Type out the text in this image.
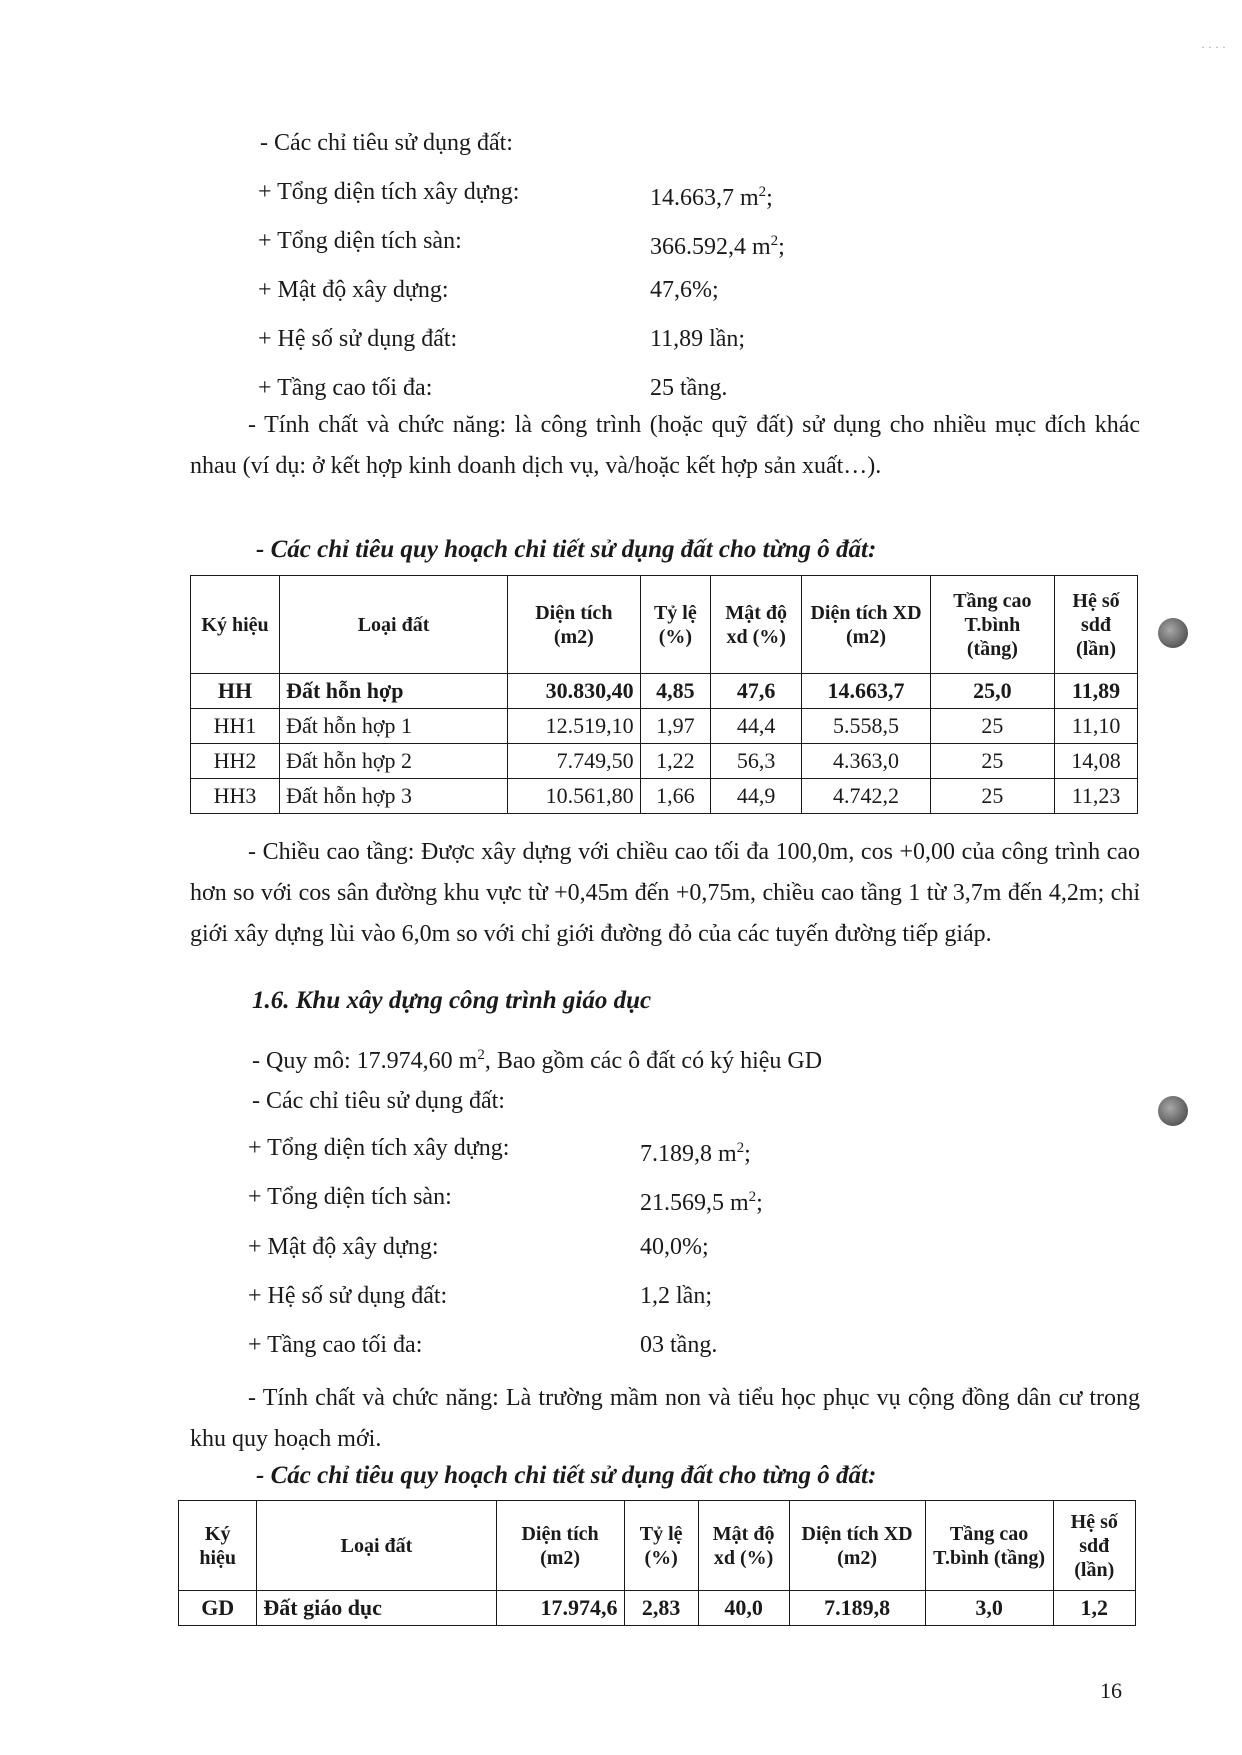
· · · ·
- Các chỉ tiêu sử dụng đất:
+ Tổng diện tích xây dựng:	14.663,7 $m^2$;
+ Tổng diện tích sàn:	366.592,4 $m^2$;
+ Mật độ xây dựng:	47,6%;
+ Hệ số sử dụng đất:	11,89 lần;
+ Tầng cao tối đa:	25 tầng.
- Tính chất và chức năng: là công trình (hoặc quỹ đất) sử dụng cho nhiều mục đích khác nhau (ví dụ: ở kết hợp kinh doanh dịch vụ, và/hoặc kết hợp sản xuất…).
- Các chỉ tiêu quy hoạch chi tiết sử dụng đất cho từng ô đất:
Ký hiệu	Loại đất	Diện tích (m2)	Tỷ lệ (%)	Mật độ xd (%)	Diện tích XD (m2)	Tầng cao T.bình (tầng)	Hệ số sdđ (lần)
HH	Đất hỗn hợp	30.830,40	4,85	47,6	14.663,7	25,0	11,89
HH1	Đất hỗn hợp 1	12.519,10	1,97	44,4	5.558,5	25	11,10
HH2	Đất hỗn hợp 2	7.749,50	1,22	56,3	4.363,0	25	14,08
HH3	Đất hỗn hợp 3	10.561,80	1,66	44,9	4.742,2	25	11,23
- Chiều cao tầng: Được xây dựng với chiều cao tối đa 100,0m, cos +0,00 của công trình cao hơn so với cos sân đường khu vực từ +0,45m đến +0,75m, chiều cao tầng 1 từ 3,7m đến 4,2m; chỉ giới xây dựng lùi vào 6,0m so với chỉ giới đường đỏ của các tuyến đường tiếp giáp.
1.6. Khu xây dựng công trình giáo dục
- Quy mô: 17.974,60 $m^2$, Bao gồm các ô đất có ký hiệu GD
- Các chỉ tiêu sử dụng đất:
+ Tổng diện tích xây dựng:	7.189,8 $m^2$;
+ Tổng diện tích sàn:	21.569,5 $m^2$;
+ Mật độ xây dựng:	40,0%;
+ Hệ số sử dụng đất:	1,2 lần;
+ Tầng cao tối đa:	03 tầng.
- Tính chất và chức năng: Là trường mầm non và tiểu học phục vụ cộng đồng dân cư trong khu quy hoạch mới.
- Các chỉ tiêu quy hoạch chi tiết sử dụng đất cho từng ô đất:
Ký hiệu	Loại đất	Diện tích (m2)	Tỷ lệ (%)	Mật độ xd (%)	Diện tích XD (m2)	Tầng cao T.bình (tầng)	Hệ số sdđ (lần)
GD	Đất giáo dục	17.974,6	2,83	40,0	7.189,8	3,0	1,2
16
